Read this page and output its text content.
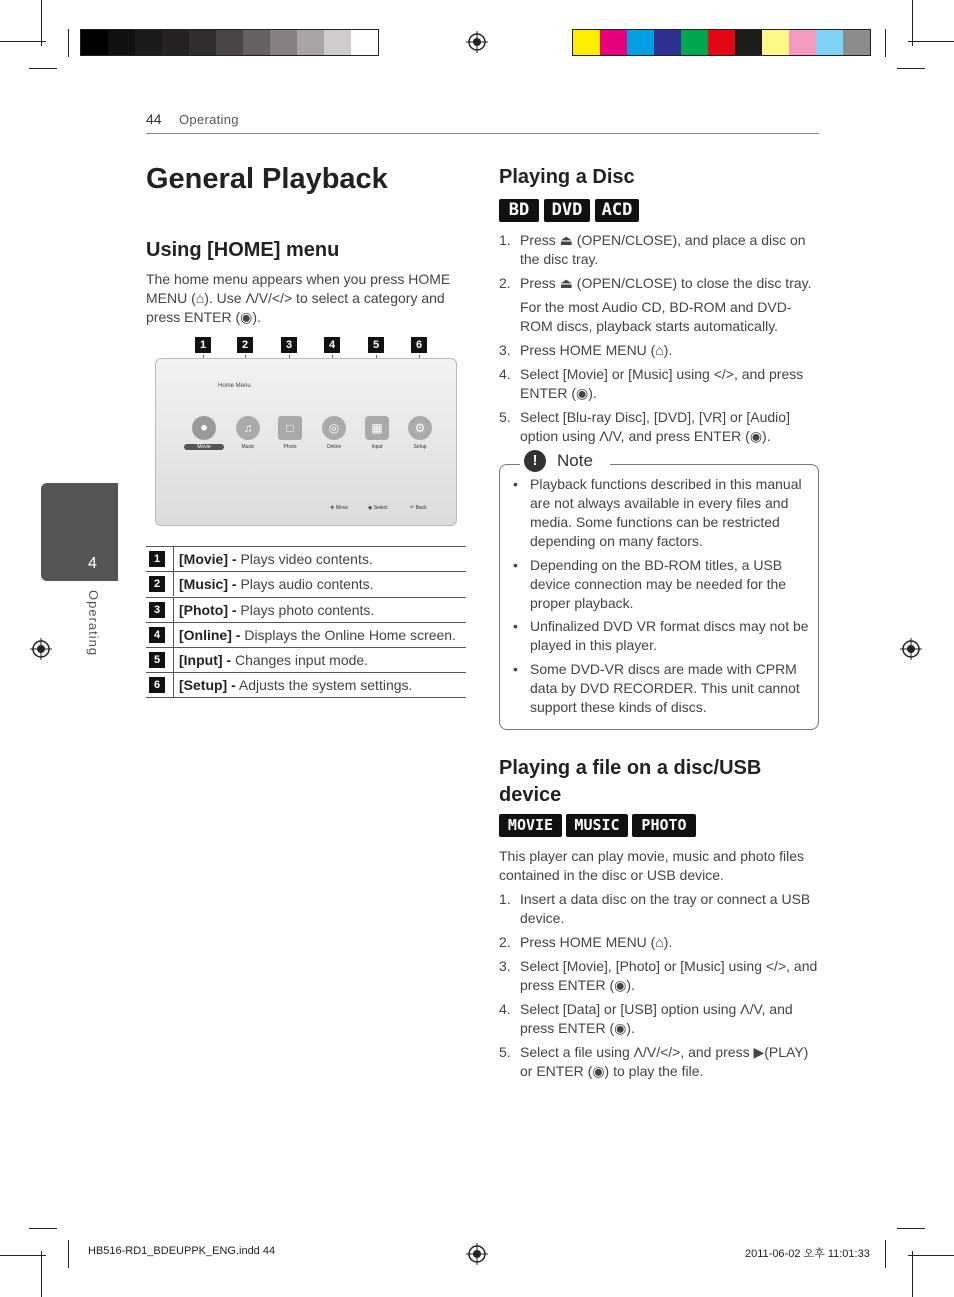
44 Operating
4
Operating
General Playback
Using [HOME] menu
The home menu appears when you press HOME MENU (⌂). Use Λ/V/</> to select a category and press ENTER (◉).
1	2	3	4	5	6
Home Menu
⚫	♫	□	◎	▦	⚙
Movie	Music	Photo	Online	Input	Setup
❖ Move	◉ Select	↶ Back
1	[Movie] - Plays video contents.
2	[Music] - Plays audio contents.
3	[Photo] - Plays photo contents.
4	[Online] - Displays the Online Home screen.
5	[Input] - Changes input mode.
6	[Setup] - Adjusts the system settings.
Playing a Disc
BD	DVD	ACD
1. Press ⏏ (OPEN/CLOSE), and place a disc on the disc tray.
2. Press ⏏ (OPEN/CLOSE) to close the disc tray.
For the most Audio CD, BD-ROM and DVD-ROM discs, playback starts automatically.
3. Press HOME MENU (⌂).
4. Select [Movie] or [Music] using </>, and press ENTER (◉).
5. Select [Blu-ray Disc], [DVD], [VR] or [Audio] option using Λ/V, and press ENTER (◉).
!	Note
• Playback functions described in this manual are not always available in every files and media. Some functions can be restricted depending on many factors.
• Depending on the BD-ROM titles, a USB device connection may be needed for the proper playback.
• Unfinalized DVD VR format discs may not be played in this player.
• Some DVD-VR discs are made with CPRM data by DVD RECORDER. This unit cannot support these kinds of discs.
Playing a file on a disc/USB
device
MOVIE	MUSIC	PHOTO
This player can play movie, music and photo files contained in the disc or USB device.
1. Insert a data disc on the tray or connect a USB device.
2. Press HOME MENU (⌂).
3. Select [Movie], [Photo] or [Music] using </>, and press ENTER (◉).
4. Select [Data] or [USB] option using Λ/V, and press ENTER (◉).
5. Select a file using Λ/V/</>, and press ▶(PLAY) or ENTER (◉) to play the file.
HB516-RD1_BDEUPPK_ENG.indd 44	2011-06-02 오후 11:01:33
